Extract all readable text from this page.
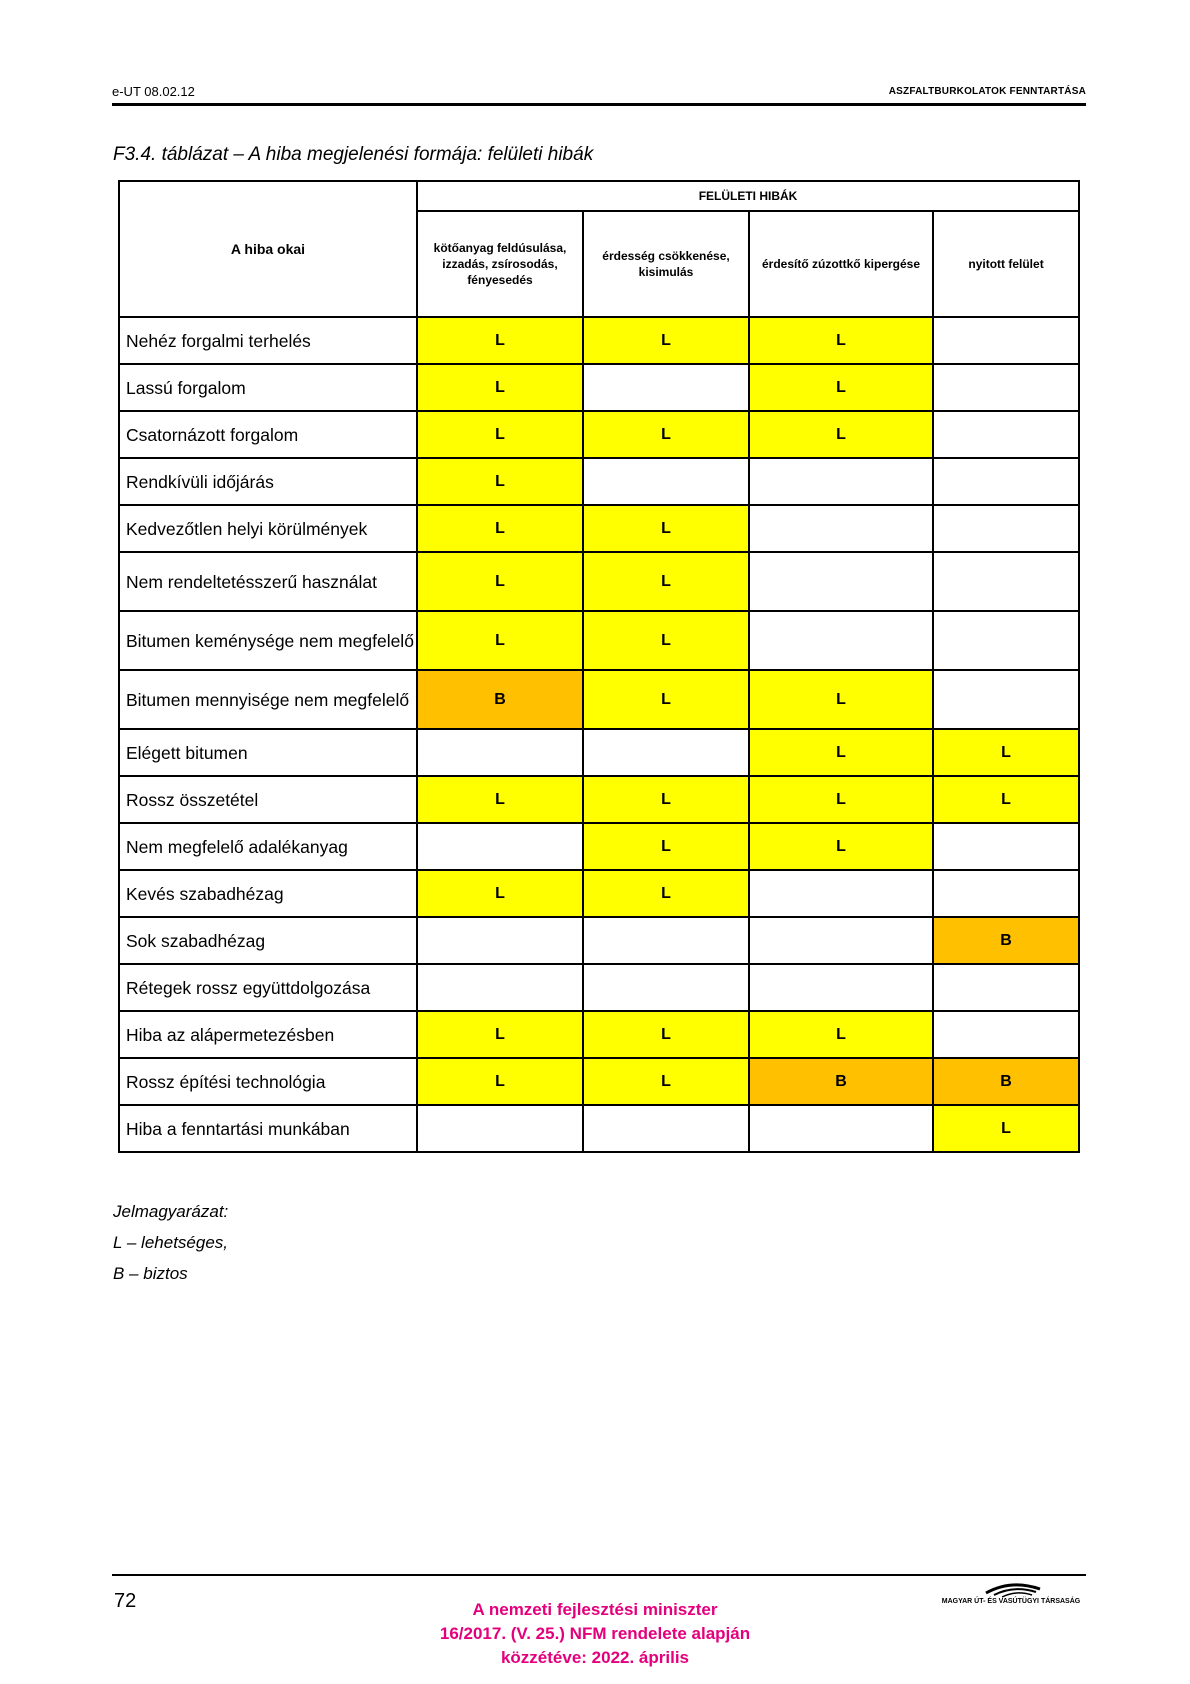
e-UT 08.02.12	ASZFALTBURKOLATOK FENNTARTÁSA
F3.4. táblázat – A hiba megjelenési formája: felületi hibák
A hiba okai	FELÜLETI HIBÁK			
	kötőanyag feldúsulása, izzadás, zsírosodás, fényesedés	érdesség csökkenése, kisimulás	érdesítő zúzottkő kipergése	nyitott felület
Nehéz forgalmi terhelés	L	L	L	
Lassú forgalom	L		L	
Csatornázott forgalom	L	L	L	
Rendkívüli időjárás	L			
Kedvezőtlen helyi körülmények	L	L		
Nem rendeltetésszerű használat	L	L		
Bitumen keménysége nem megfelelő	L	L		
Bitumen mennyisége nem megfelelő	B	L	L	
Elégett bitumen			L	L
Rossz összetétel	L	L	L	L
Nem megfelelő adalékanyag		L	L	
Kevés szabadhézag	L	L		
Sok szabadhézag				B
Rétegek rossz együttdolgozása				
Hiba az alápermetezésben	L	L	L	
Rossz építési technológia	L	L	B	B
Hiba a fenntartási munkában				L
Jelmagyarázat:
L – lehetséges,
B – biztos
72	A nemzeti fejlesztési miniszter
16/2017. (V. 25.) NFM rendelete alapján
közzétéve: 2022. április
MAGYAR ÚT- ÉS VASÚTÜGYI TÁRSASÁG
